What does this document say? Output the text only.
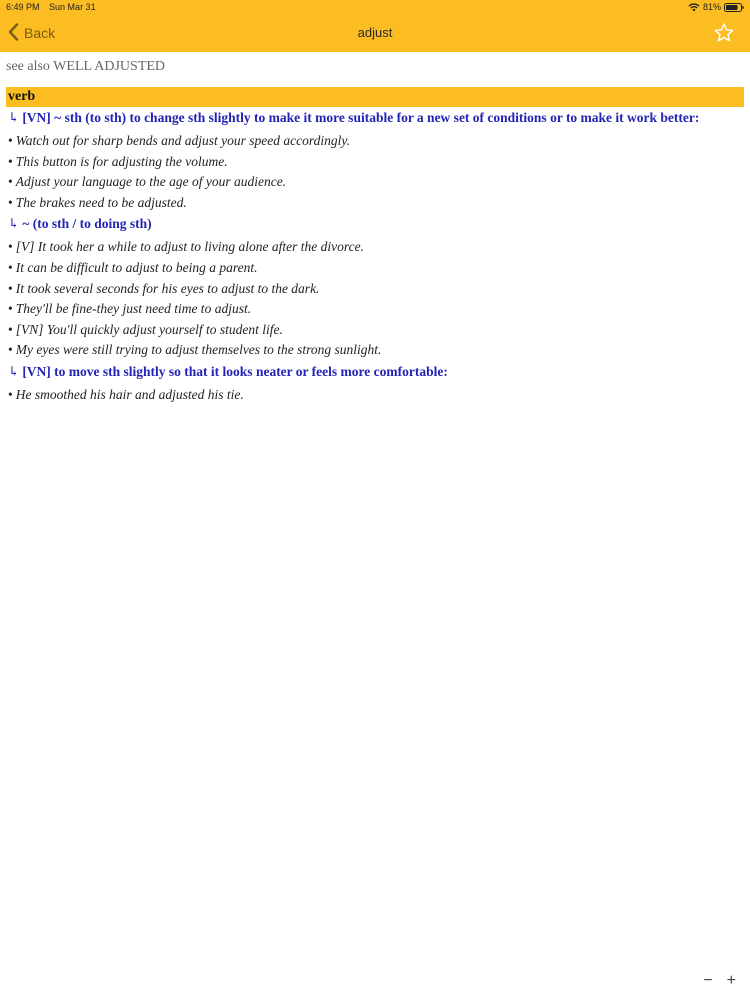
6:49 PM Sun Mar 31	81%
Back	adjust
see also WELL ADJUSTED
verb
↳ [VN] ~ sth (to sth) to change sth slightly to make it more suitable for a new set of conditions or to make it work better:
• Watch out for sharp bends and adjust your speed accordingly.
• This button is for adjusting the volume.
• Adjust your language to the age of your audience.
• The brakes need to be adjusted.
↳ ~ (to sth / to doing sth)
• [V] It took her a while to adjust to living alone after the divorce.
• It can be difficult to adjust to being a parent.
• It took several seconds for his eyes to adjust to the dark.
• They'll be fine-they just need time to adjust.
• [VN] You'll quickly adjust yourself to student life.
• My eyes were still trying to adjust themselves to the strong sunlight.
↳ [VN] to move sth slightly so that it looks neater or feels more comfortable:
• He smoothed his hair and adjusted his tie.
− +
